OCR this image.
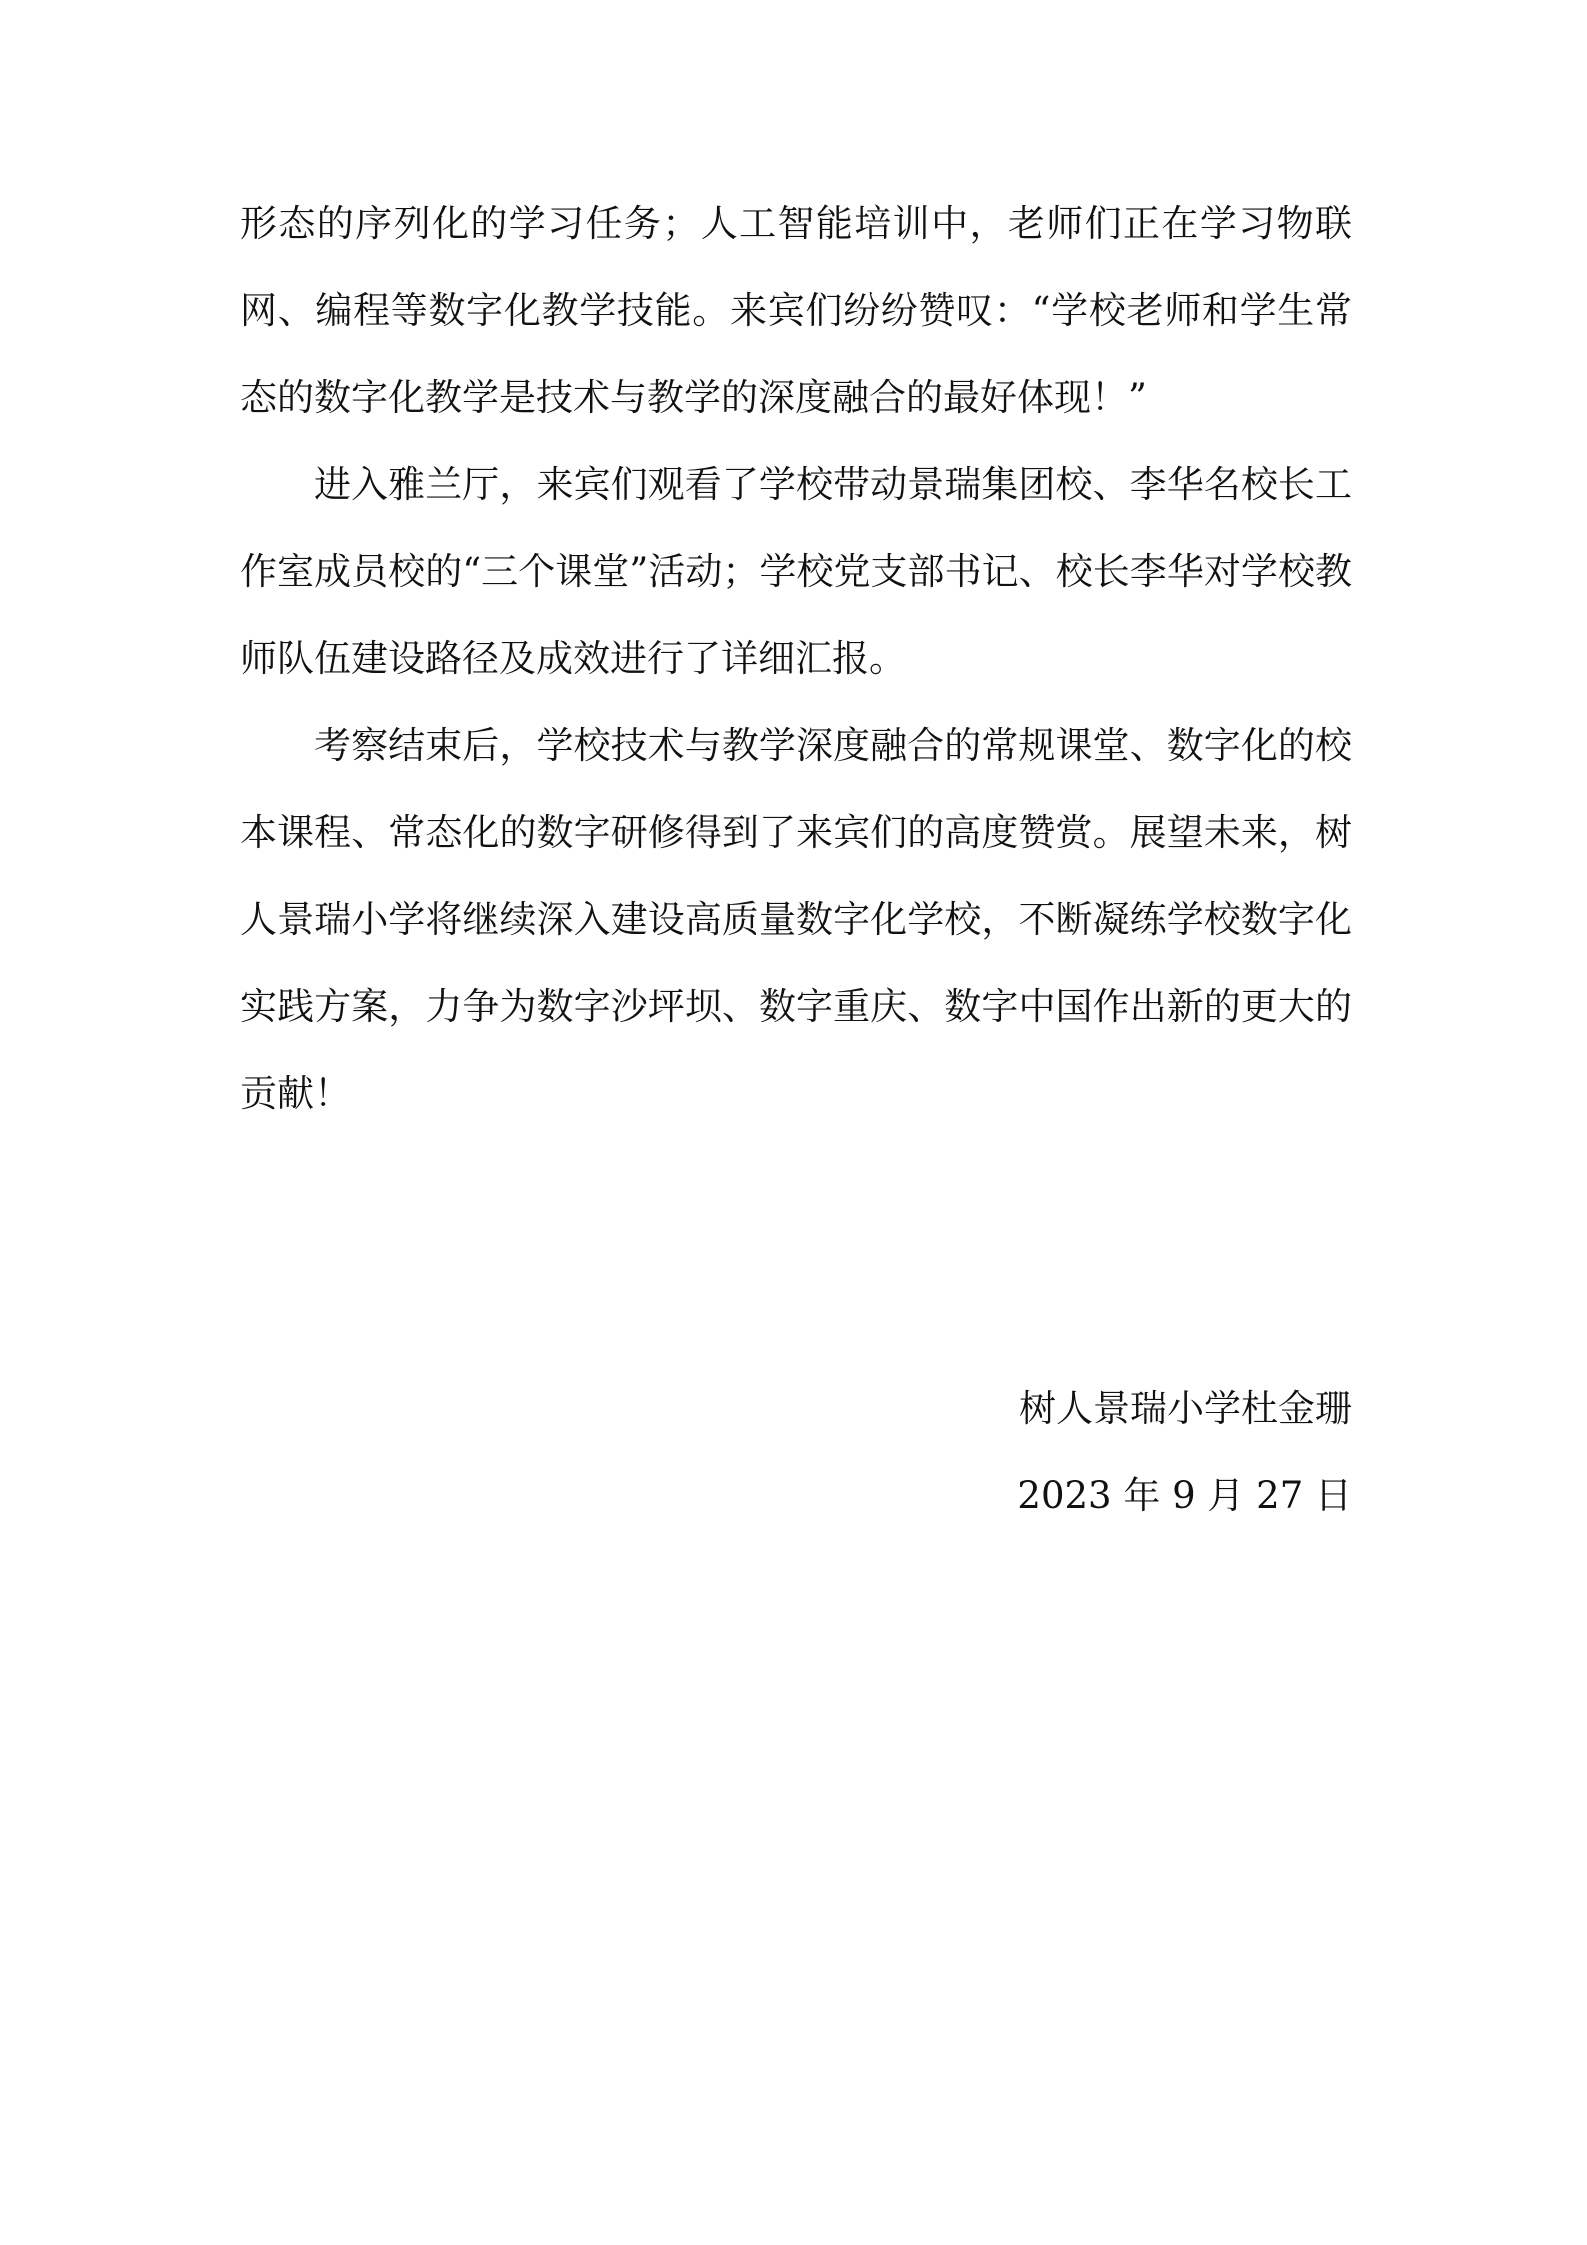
形态的序列化的学习任务；人工智能培训中，老师们正在学习物联网、编程等数字化教学技能。来宾们纷纷赞叹：“学校老师和学生常态的数字化教学是技术与教学的深度融合的最好体现！”

进入雅兰厅，来宾们观看了学校带动景瑞集团校、李华名校长工作室成员校的“三个课堂”活动；学校党支部书记、校长李华对学校教师队伍建设路径及成效进行了详细汇报。

考察结束后，学校技术与教学深度融合的常规课堂、数字化的校本课程、常态化的数字研修得到了来宾们的高度赞赏。展望未来，树人景瑞小学将继续深入建设高质量数字化学校，不断凝练学校数字化实践方案，力争为数字沙坪坝、数字重庆、数字中国作出新的更大的贡献！

树人景瑞小学杜金珊

2023 年 9 月 27 日
